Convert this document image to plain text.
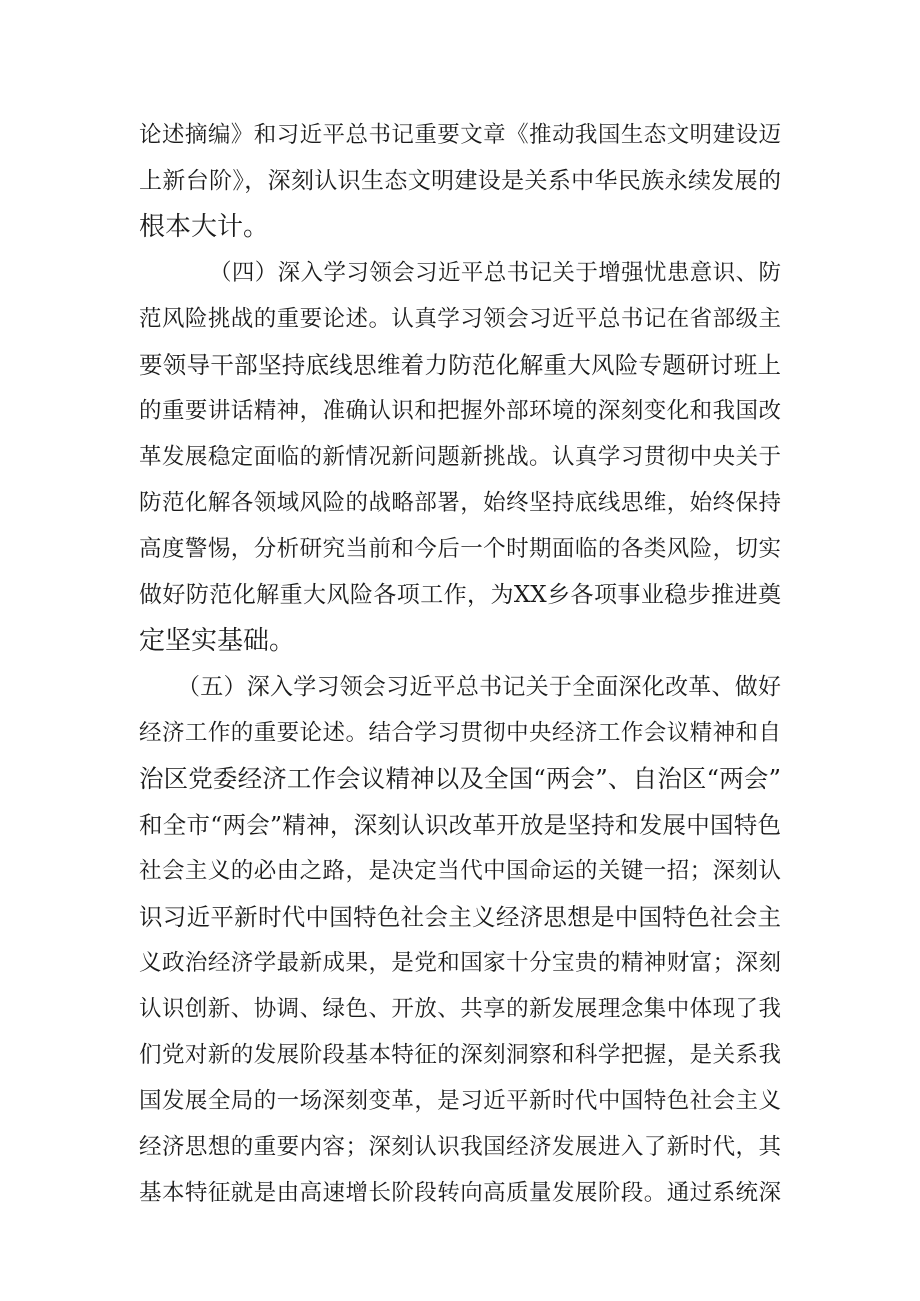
论述摘编》和习近平总书记重要文章《推动我国生态文明建设迈
上新台阶》，深刻认识生态文明建设是关系中华民族永续发展的
根本大计。
（四）深入学习领会习近平总书记关于增强忧患意识、防
范风险挑战的重要论述。认真学习领会习近平总书记在省部级主
要领导干部坚持底线思维着力防范化解重大风险专题研讨班上
的重要讲话精神，准确认识和把握外部环境的深刻变化和我国改
革发展稳定面临的新情况新问题新挑战。认真学习贯彻中央关于
防范化解各领域风险的战略部署，始终坚持底线思维，始终保持
高度警惕，分析研究当前和今后一个时期面临的各类风险，切实
做好防范化解重大风险各项工作，为XX乡各项事业稳步推进奠
定坚实基础。
（五）深入学习领会习近平总书记关于全面深化改革、做好
经济工作的重要论述。结合学习贯彻中央经济工作会议精神和自
治区党委经济工作会议精神以及全国“两会”、自治区“两会”
和全市“两会”精神，深刻认识改革开放是坚持和发展中国特色
社会主义的必由之路，是决定当代中国命运的关键一招；深刻认
识习近平新时代中国特色社会主义经济思想是中国特色社会主
义政治经济学最新成果，是党和国家十分宝贵的精神财富；深刻
认识创新、协调、绿色、开放、共享的新发展理念集中体现了我
们党对新的发展阶段基本特征的深刻洞察和科学把握，是关系我
国发展全局的一场深刻变革，是习近平新时代中国特色社会主义
经济思想的重要内容；深刻认识我国经济发展进入了新时代，其
基本特征就是由高速增长阶段转向高质量发展阶段。通过系统深
